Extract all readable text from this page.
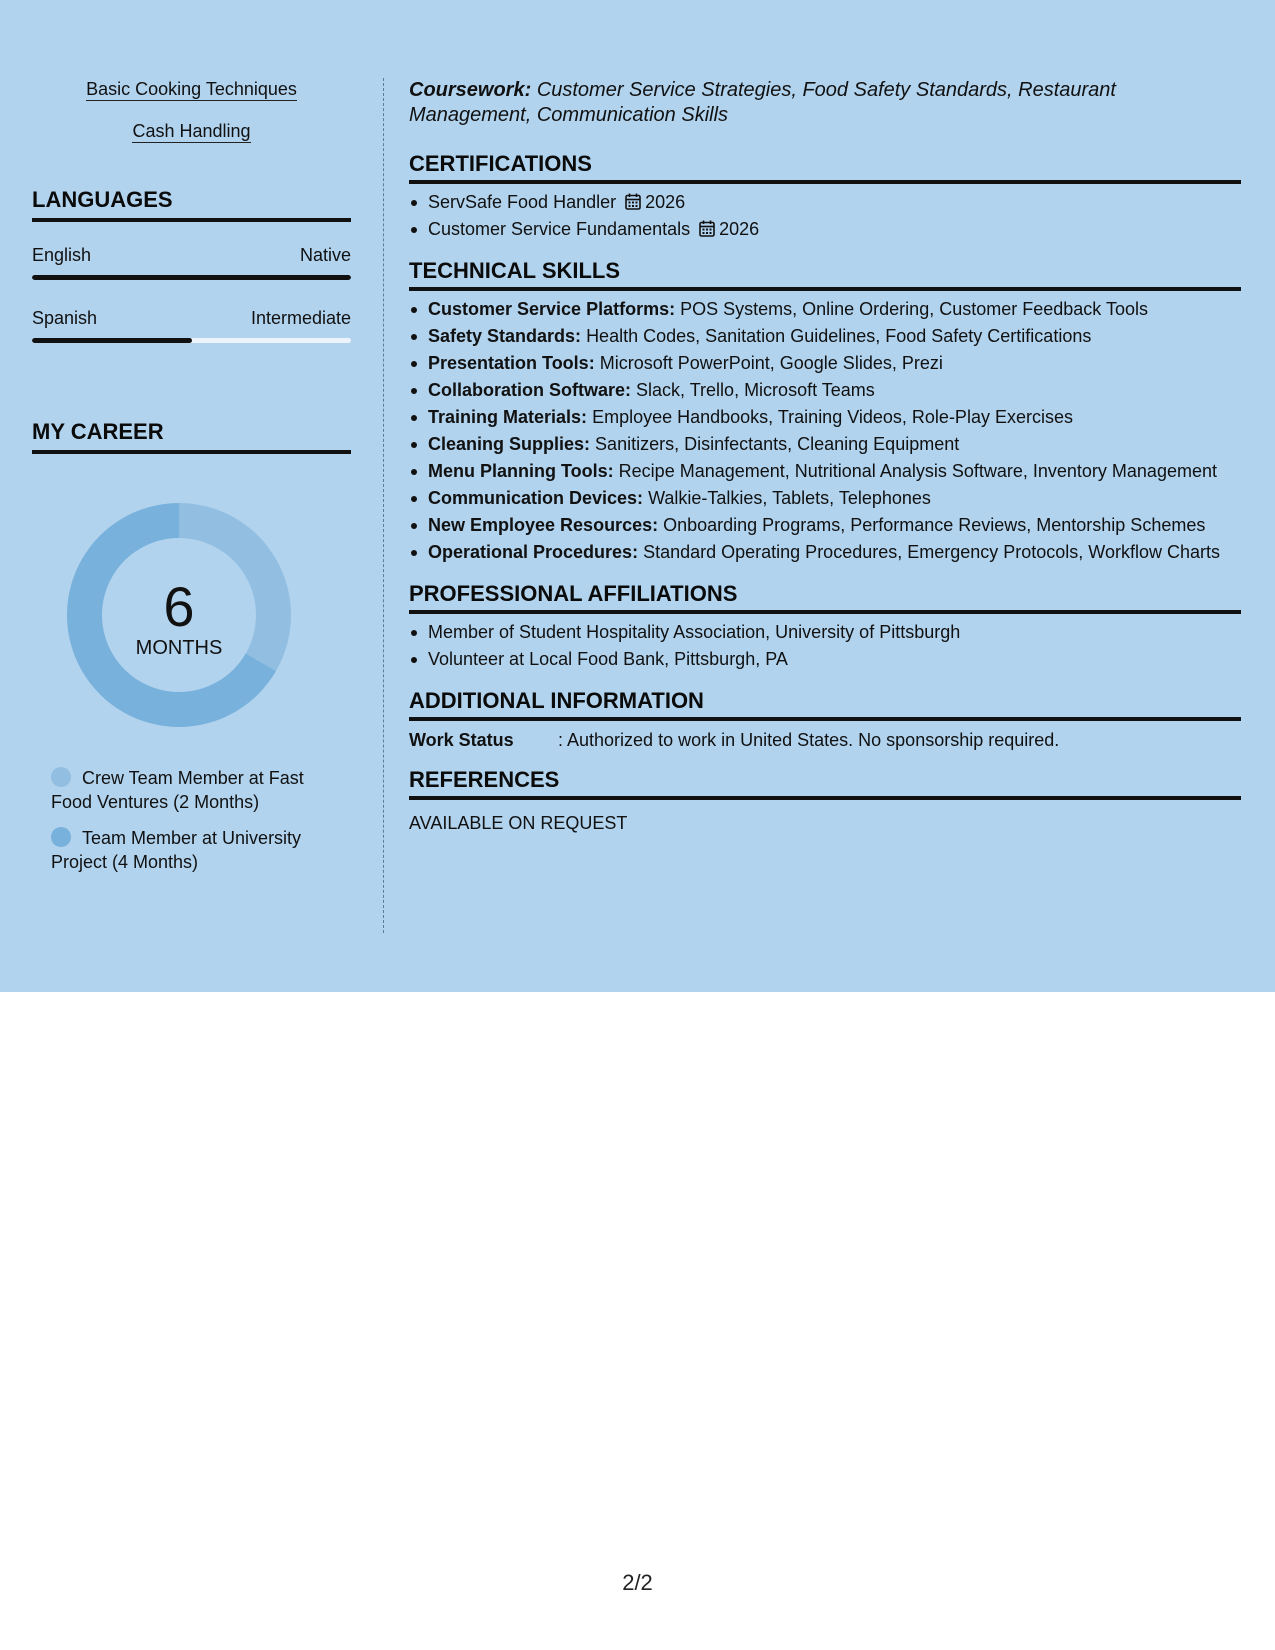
Basic Cooking Techniques
Cash Handling
LANGUAGES
English	Native
Spanish	Intermediate
MY CAREER
6
MONTHS
Crew Team Member at Fast Food Ventures (2 Months)
Team Member at University Project (4 Months)

Coursework: Customer Service Strategies, Food Safety Standards, Restaurant Management, Communication Skills

CERTIFICATIONS
ServSafe Food Handler 2026
Customer Service Fundamentals 2026
TECHNICAL SKILLS
Customer Service Platforms: POS Systems, Online Ordering, Customer Feedback Tools
Safety Standards: Health Codes, Sanitation Guidelines, Food Safety Certifications
Presentation Tools: Microsoft PowerPoint, Google Slides, Prezi
Collaboration Software: Slack, Trello, Microsoft Teams
Training Materials: Employee Handbooks, Training Videos, Role-Play Exercises
Cleaning Supplies: Sanitizers, Disinfectants, Cleaning Equipment
Menu Planning Tools: Recipe Management, Nutritional Analysis Software, Inventory Management
Communication Devices: Walkie-Talkies, Tablets, Telephones
New Employee Resources: Onboarding Programs, Performance Reviews, Mentorship Schemes
Operational Procedures: Standard Operating Procedures, Emergency Protocols, Workflow Charts
PROFESSIONAL AFFILIATIONS
Member of Student Hospitality Association, University of Pittsburgh
Volunteer at Local Food Bank, Pittsburgh, PA
ADDITIONAL INFORMATION
Work Status : Authorized to work in United States. No sponsorship required.
REFERENCES

AVAILABLE ON REQUEST

2/2
